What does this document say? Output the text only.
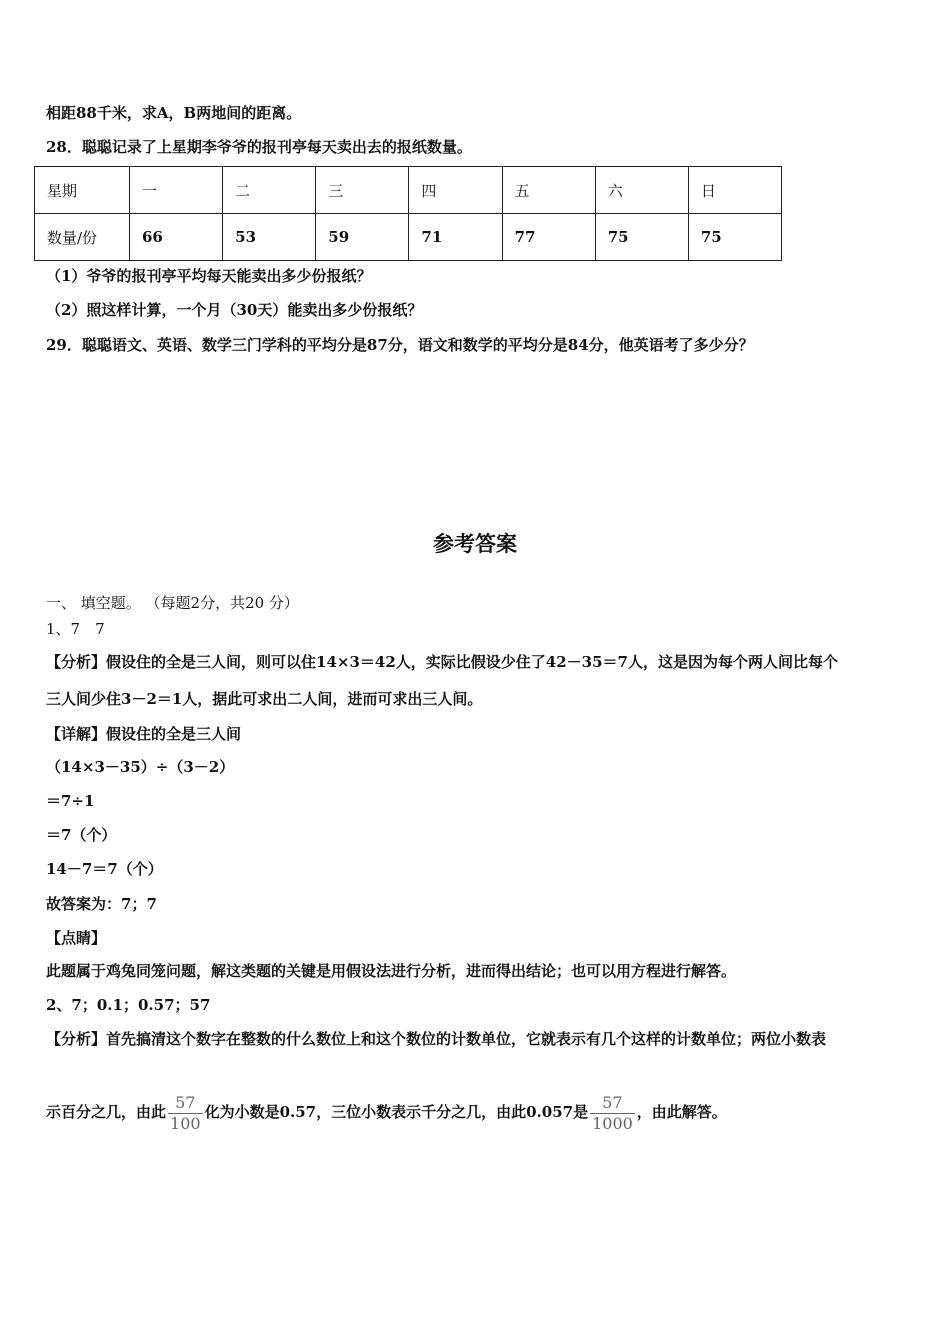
相距88千米，求A，B两地间的距离。
28．聪聪记录了上星期李爷爷的报刊亭每天卖出去的报纸数量。
星期	一	二	三	四	五	六	日
数量/份	66	53	59	71	77	75	75
（1）爷爷的报刊亭平均每天能卖出多少份报纸？
（2）照这样计算，一个月（30天）能卖出多少份报纸？
29．聪聪语文、英语、数学三门学科的平均分是87分，语文和数学的平均分是84分，他英语考了多少分？
参考答案
一、 填空题。 （每题2分，共20 分）
1、7　7
【分析】假设住的全是三人间，则可以住14×3＝42人，实际比假设少住了42－35＝7人，这是因为每个两人间比每个
三人间少住3－2＝1人，据此可求出二人间，进而可求出三人间。
【详解】假设住的全是三人间
（14×3－35）÷（3－2）
＝7÷1
＝7（个）
14－7＝7（个）
故答案为：7；7
【点睛】
此题属于鸡兔同笼问题，解这类题的关键是用假设法进行分析，进而得出结论；也可以用方程进行解答。
2、7；0.1；0.57；57
【分析】首先搞清这个数字在整数的什么数位上和这个数位的计数单位，它就表示有几个这样的计数单位；两位小数表
示百分之几，由此 $\frac{57}{100}$ 化为小数是0.57，三位小数表示千分之几，由此0.057是 $\frac{57}{1000}$ ，由此解答。
